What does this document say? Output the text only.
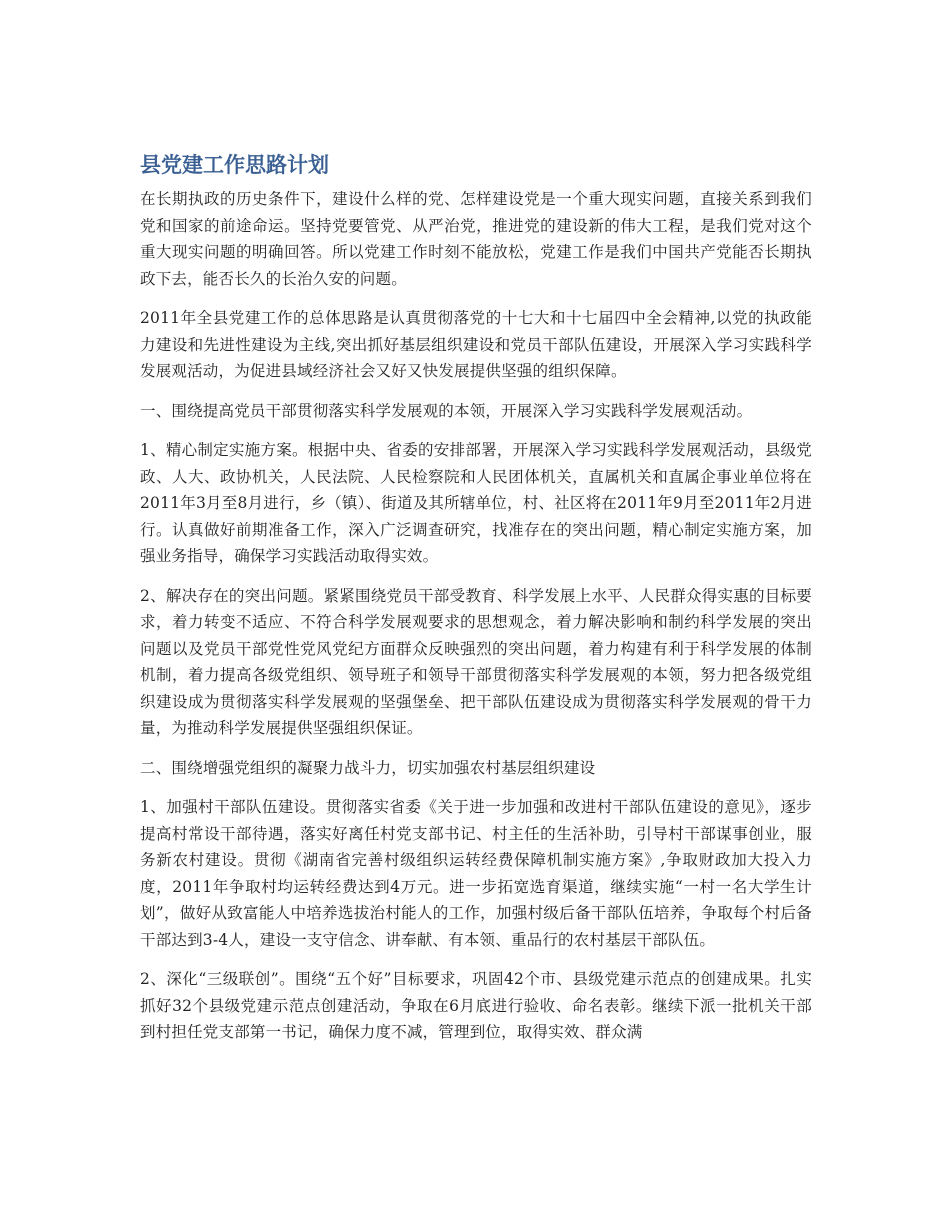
县党建工作思路计划

在长期执政的历史条件下，建设什么样的党、怎样建设党是一个重大现实问题，直接关系到我们党和国家的前途命运。坚持党要管党、从严治党，推进党的建设新的伟大工程，是我们党对这个重大现实问题的明确回答。所以党建工作时刻不能放松，党建工作是我们中国共产党能否长期执政下去，能否长久的长治久安的问题。

2011年全县党建工作的总体思路是认真贯彻落党的十七大和十七届四中全会精神,以党的执政能力建设和先进性建设为主线,突出抓好基层组织建设和党员干部队伍建设，开展深入学习实践科学发展观活动，为促进县域经济社会又好又快发展提供坚强的组织保障。

一、围绕提高党员干部贯彻落实科学发展观的本领，开展深入学习实践科学发展观活动。

1、精心制定实施方案。根据中央、省委的安排部署，开展深入学习实践科学发展观活动，县级党政、人大、政协机关，人民法院、人民检察院和人民团体机关，直属机关和直属企事业单位将在2011年3月至8月进行，乡（镇）、街道及其所辖单位，村、社区将在2011年9月至2011年2月进行。认真做好前期准备工作，深入广泛调查研究，找准存在的突出问题，精心制定实施方案，加强业务指导，确保学习实践活动取得实效。

2、解决存在的突出问题。紧紧围绕党员干部受教育、科学发展上水平、人民群众得实惠的目标要求，着力转变不适应、不符合科学发展观要求的思想观念，着力解决影响和制约科学发展的突出问题以及党员干部党性党风党纪方面群众反映强烈的突出问题，着力构建有利于科学发展的体制机制，着力提高各级党组织、领导班子和领导干部贯彻落实科学发展观的本领，努力把各级党组织建设成为贯彻落实科学发展观的坚强堡垒、把干部队伍建设成为贯彻落实科学发展观的骨干力量，为推动科学发展提供坚强组织保证。

二、围绕增强党组织的凝聚力战斗力，切实加强农村基层组织建设

1、加强村干部队伍建设。贯彻落实省委《关于进一步加强和改进村干部队伍建设的意见》，逐步提高村常设干部待遇，落实好离任村党支部书记、村主任的生活补助，引导村干部谋事创业，服务新农村建设。贯彻《湖南省完善村级组织运转经费保障机制实施方案》,争取财政加大投入力度，2011年争取村均运转经费达到4万元。进一步拓宽选育渠道，继续实施“一村一名大学生计划”，做好从致富能人中培养选拔治村能人的工作，加强村级后备干部队伍培养，争取每个村后备干部达到3-4人，建设一支守信念、讲奉献、有本领、重品行的农村基层干部队伍。

2、深化“三级联创”。围绕“五个好”目标要求，巩固42个市、县级党建示范点的创建成果。扎实抓好32个县级党建示范点创建活动，争取在6月底进行验收、命名表彰。继续下派一批机关干部到村担任党支部第一书记，确保力度不减，管理到位，取得实效、群众满
